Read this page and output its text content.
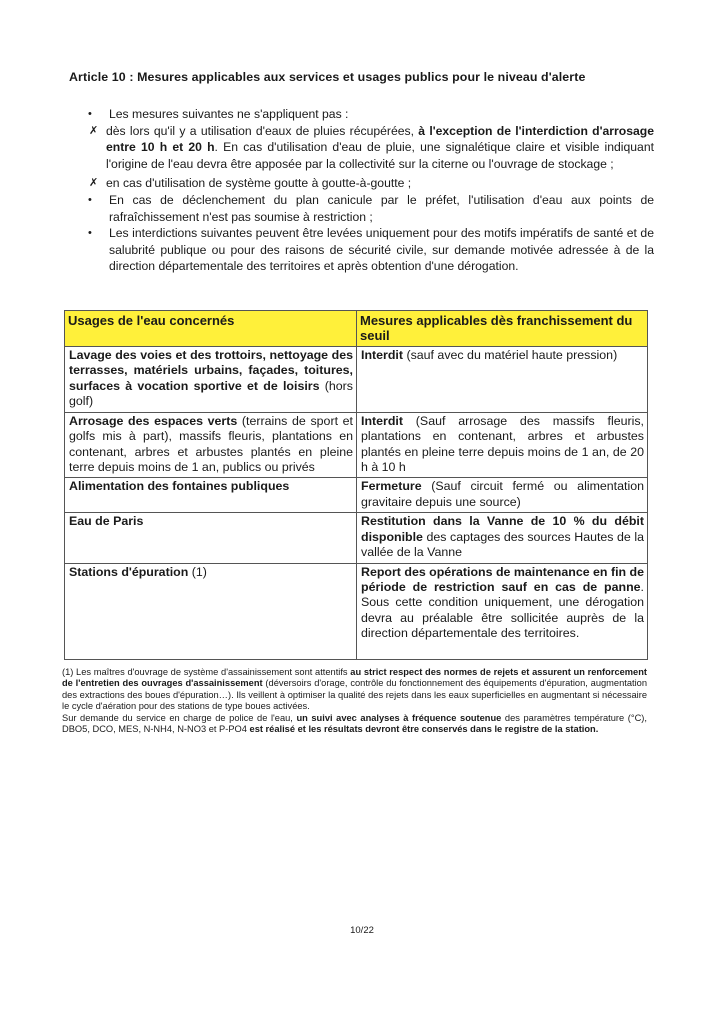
Article 10 : Mesures applicables aux services et usages publics pour le niveau d'alerte
• Les mesures suivantes ne s'appliquent pas :
✗ dès lors qu'il y a utilisation d'eaux de pluies récupérées, à l'exception de l'interdiction d'arrosage entre 10 h et 20 h. En cas d'utilisation d'eau de pluie, une signalétique claire et visible indiquant l'origine de l'eau devra être apposée par la collectivité sur la citerne ou l'ouvrage de stockage ;
✗ en cas d'utilisation de système goutte à goutte-à-goutte ;
• En cas de déclenchement du plan canicule par le préfet, l'utilisation d'eau aux points de rafraîchissement n'est pas soumise à restriction ;
• Les interdictions suivantes peuvent être levées uniquement pour des motifs impératifs de santé et de salubrité publique ou pour des raisons de sécurité civile, sur demande motivée adressée à de la direction départementale des territoires et après obtention d'une dérogation.
Usages de l'eau concernés	Mesures applicables dès franchissement du seuil
Lavage des voies et des trottoirs, nettoyage des terrasses, matériels urbains, façades, toitures, surfaces à vocation sportive et de loisirs (hors golf)	Interdit (sauf avec du matériel haute pression)
Arrosage des espaces verts (terrains de sport et golfs mis à part), massifs fleuris, plantations en contenant, arbres et arbustes plantés en pleine terre depuis moins de 1 an, publics ou privés	Interdit (Sauf arrosage des massifs fleuris, plantations en contenant, arbres et arbustes plantés en pleine terre depuis moins de 1 an, de 20 h à 10 h
Alimentation des fontaines publiques	Fermeture (Sauf circuit fermé ou alimentation gravitaire depuis une source)
Eau de Paris	Restitution dans la Vanne de 10 % du débit disponible des captages des sources Hautes de la vallée de la Vanne
Stations d'épuration (1)	Report des opérations de maintenance en fin de période de restriction sauf en cas de panne. Sous cette condition uniquement, une dérogation devra au préalable être sollicitée auprès de la direction départementale des territoires.

(1) Les maîtres d'ouvrage de système d'assainissement sont attentifs au strict respect des normes de rejets et assurent un renforcement de l'entretien des ouvrages d'assainissement (déversoirs d'orage, contrôle du fonctionnement des équipements d'épuration, augmentation des extractions des boues d'épuration…). Ils veillent à optimiser la qualité des rejets dans les eaux superficielles en augmentant si nécessaire le cycle d'aération pour des stations de type boues activées.

Sur demande du service en charge de police de l'eau, un suivi avec analyses à fréquence soutenue des paramètres température (°C), DBO5, DCO, MES, N-NH4, N-NO3 et P-PO4 est réalisé et les résultats devront être conservés dans le registre de la station.

10/22
